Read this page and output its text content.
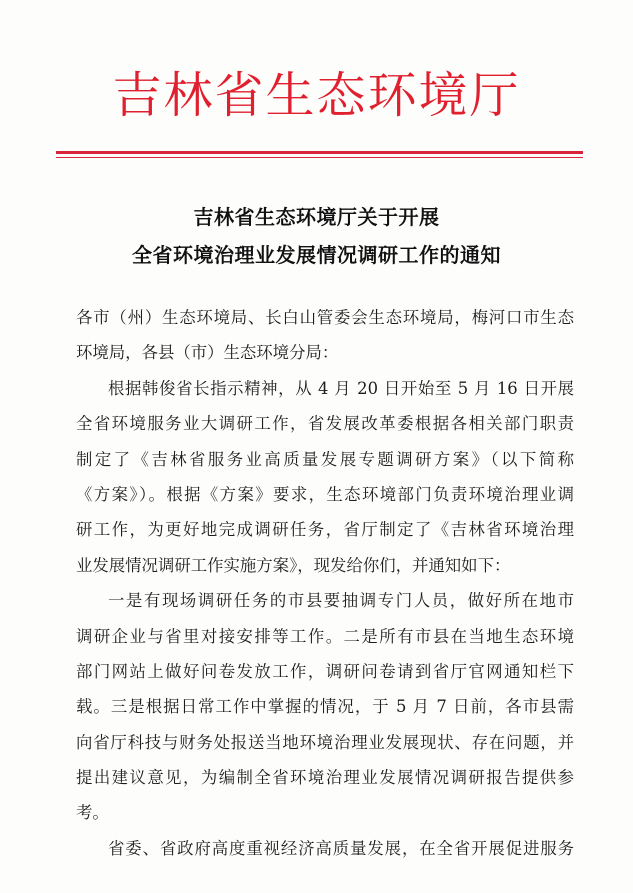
吉林省生态环境厅
吉林省生态环境厅关于开展
全省环境治理业发展情况调研工作的通知
各市（州）生态环境局、长白山管委会生态环境局，梅河口市生态
环境局，各县（市）生态环境分局：
根据韩俊省长指示精神，从 4 月 20 日开始至 5 月 16 日开展
全省环境服务业大调研工作，省发展改革委根据各相关部门职责
制定了《吉林省服务业高质量发展专题调研方案》（以下简称
《方案》）。根据《方案》要求，生态环境部门负责环境治理业调
研工作，为更好地完成调研任务，省厅制定了《吉林省环境治理
业发展情况调研工作实施方案》，现发给你们，并通知如下：
一是有现场调研任务的市县要抽调专门人员，做好所在地市
调研企业与省里对接安排等工作。二是所有市县在当地生态环境
部门网站上做好问卷发放工作，调研问卷请到省厅官网通知栏下
载。三是根据日常工作中掌握的情况，于 5 月 7 日前，各市县需
向省厅科技与财务处报送当地环境治理业发展现状、存在问题，并
提出建议意见，为编制全省环境治理业发展情况调研报告提供参
考。
省委、省政府高度重视经济高质量发展，在全省开展促进服务
